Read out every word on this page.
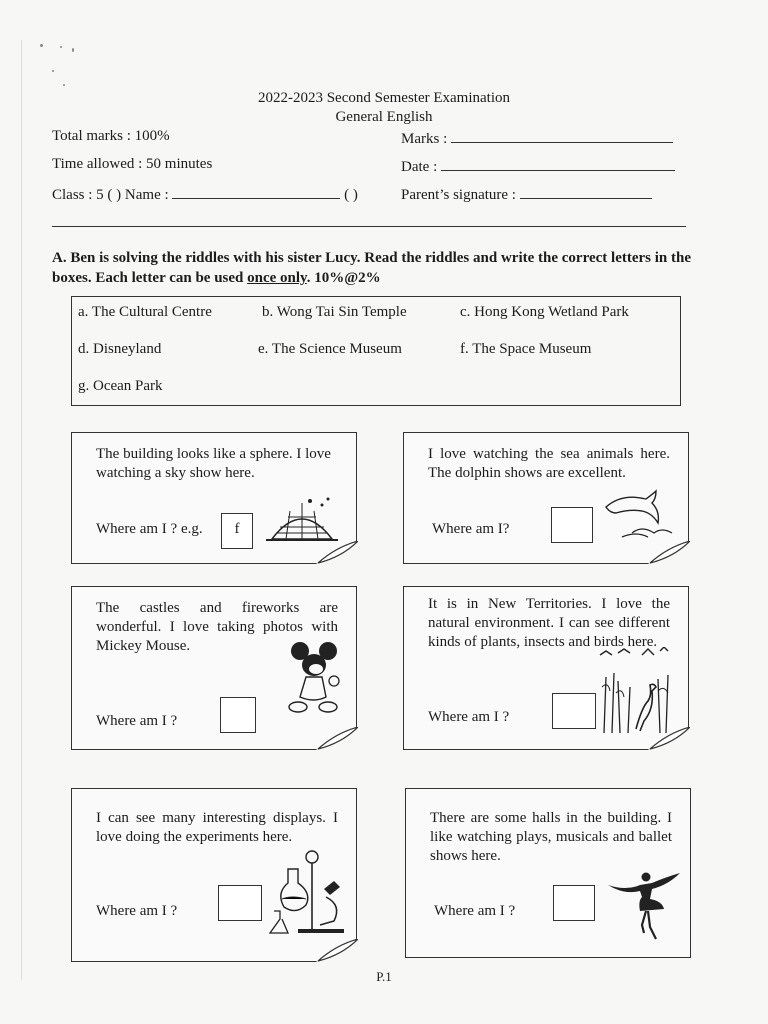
2022-2023 Second Semester Examination
General English
Total marks : 100%	Marks :
Time allowed : 50 minutes	Date :
Class : 5 ( ) Name :	( )	Parent’s signature :
A. Ben is solving the riddles with his sister Lucy. Read the riddles and write the correct letters in the boxes. Each letter can be used once only. 10%@2%
a. The Cultural Centre	b. Wong Tai Sin Temple	c. Hong Kong Wetland Park
d. Disneyland	e. The Science Museum	f. The Space Museum
g. Ocean Park
The building looks like a sphere. I love watching a sky show here.
Where am I ? e.g.	f
I love watching the sea animals here. The dolphin shows are excellent.
Where am I?
The castles and fireworks are wonderful. I love taking photos with Mickey Mouse.
Where am I ?
It is in New Territories. I love the natural environment. I can see different kinds of plants, insects and birds here.
Where am I ?
I can see many interesting displays. I love doing the experiments here.
Where am I ?
There are some halls in the building. I like watching plays, musicals and ballet shows here.
Where am I ?
P.1
